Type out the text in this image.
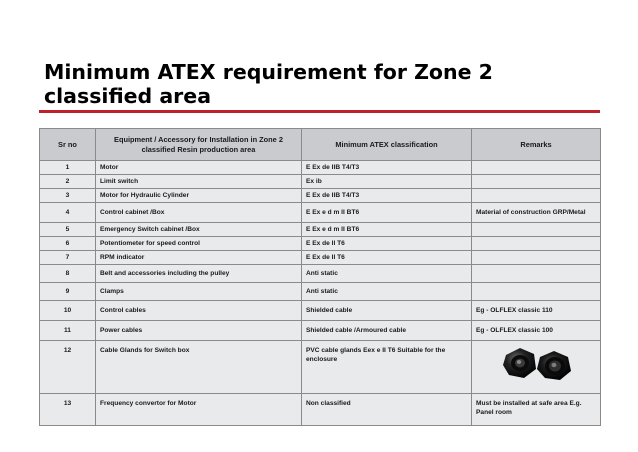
Minimum ATEX requirement for Zone 2 classified area
Sr no	Equipment / Accessory for Installation in Zone 2 classified Resin production area	Minimum ATEX classification	Remarks
1	Motor	E Ex de IIB T4/T3	
2	Limit switch	Ex ib	
3	Motor for Hydraulic Cylinder	E Ex de IIB T4/T3	
4	Control cabinet /Box	E Ex e d m II BT6	Material of construction GRP/Metal
5	Emergency Switch cabinet /Box	E Ex e d m II BT6	
6	Potentiometer for speed control	E Ex de II T6	
7	RPM indicator	E Ex de II T6	
8	Belt and accessories including the pulley	Anti static	
9	Clamps	Anti static	
10	Control cables	Shielded cable	Eg - OLFLEX classic 110
11	Power cables	Shielded cable /Armoured cable	Eg - OLFLEX classic 100
12	Cable Glands for Switch box	PVC cable glands Eex e II T6 Suitable for the enclosure	

13	Frequency convertor for Motor	Non classified	Must be installed at safe area E.g. Panel room
